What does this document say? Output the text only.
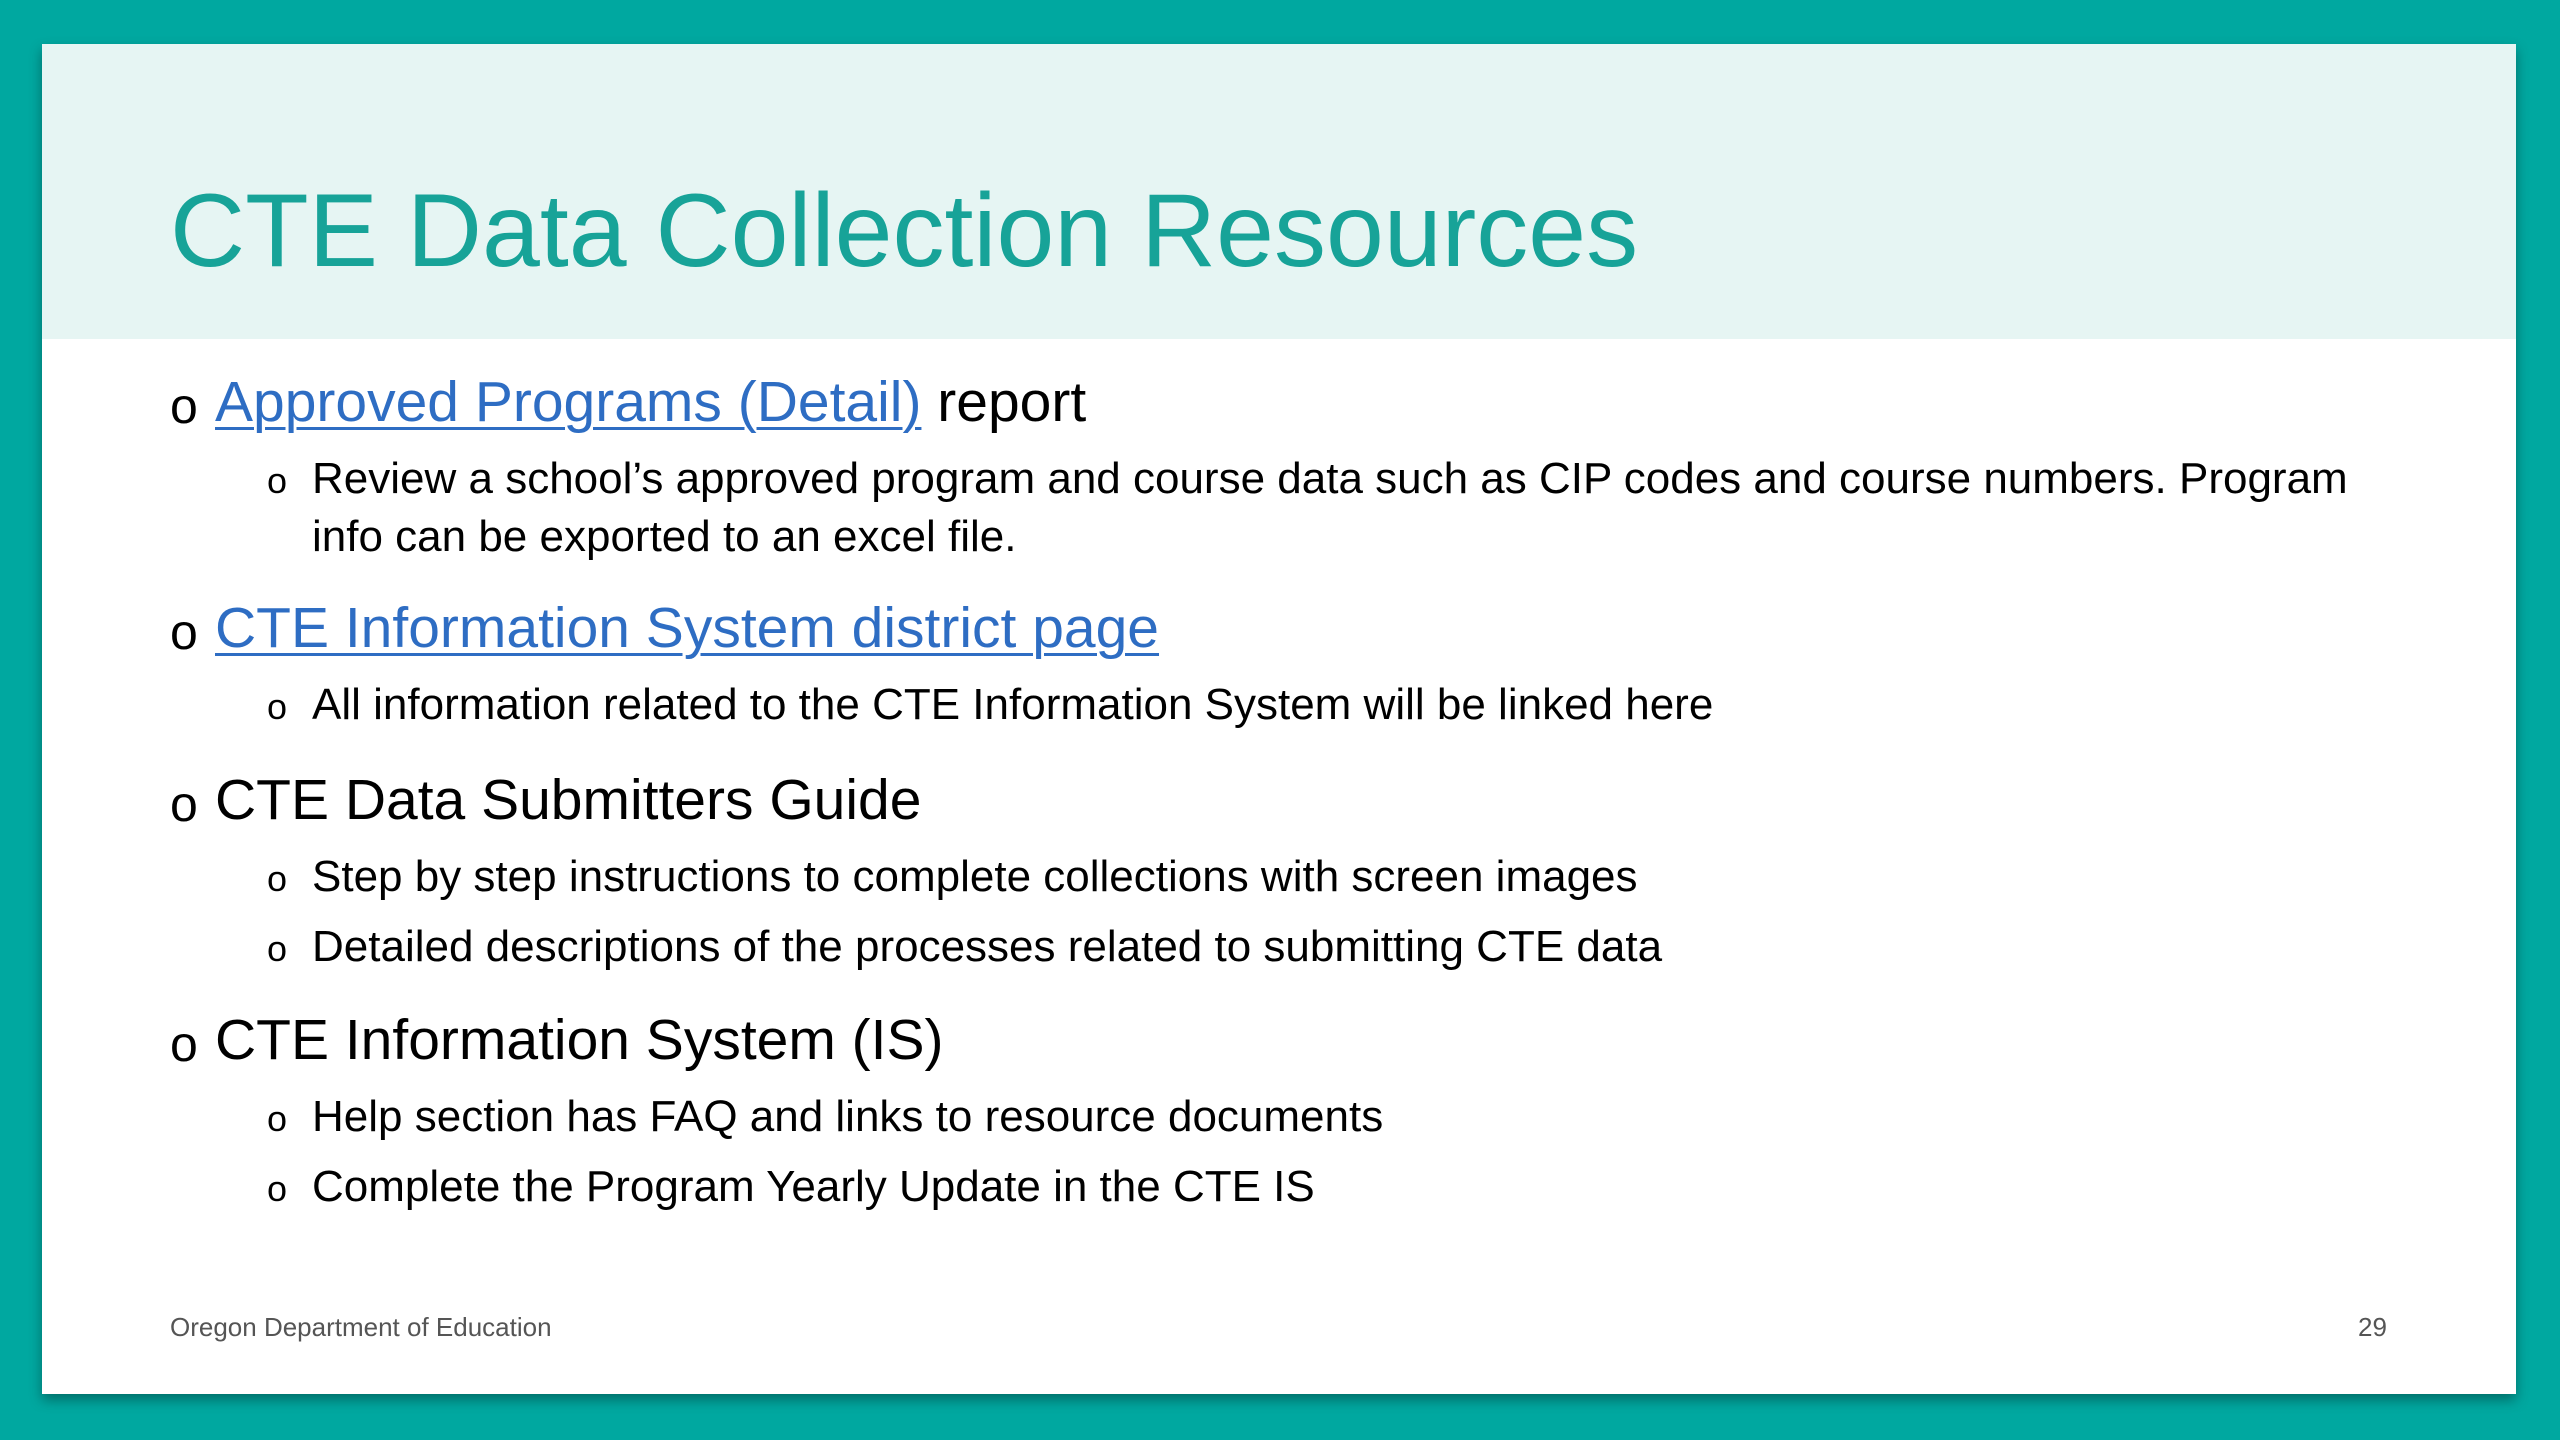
CTE Data Collection Resources
o Approved Programs (Detail) report
o Review a school’s approved program and course data such as CIP codes and course numbers. Program info can be exported to an excel file.
o CTE Information System district page
o All information related to the CTE Information System will be linked here
o CTE Data Submitters Guide
o Step by step instructions to complete collections with screen images
o Detailed descriptions of the processes related to submitting CTE data
o CTE Information System (IS)
o Help section has FAQ and links to resource documents
o Complete the Program Yearly Update in the CTE IS
Oregon Department of Education	29
